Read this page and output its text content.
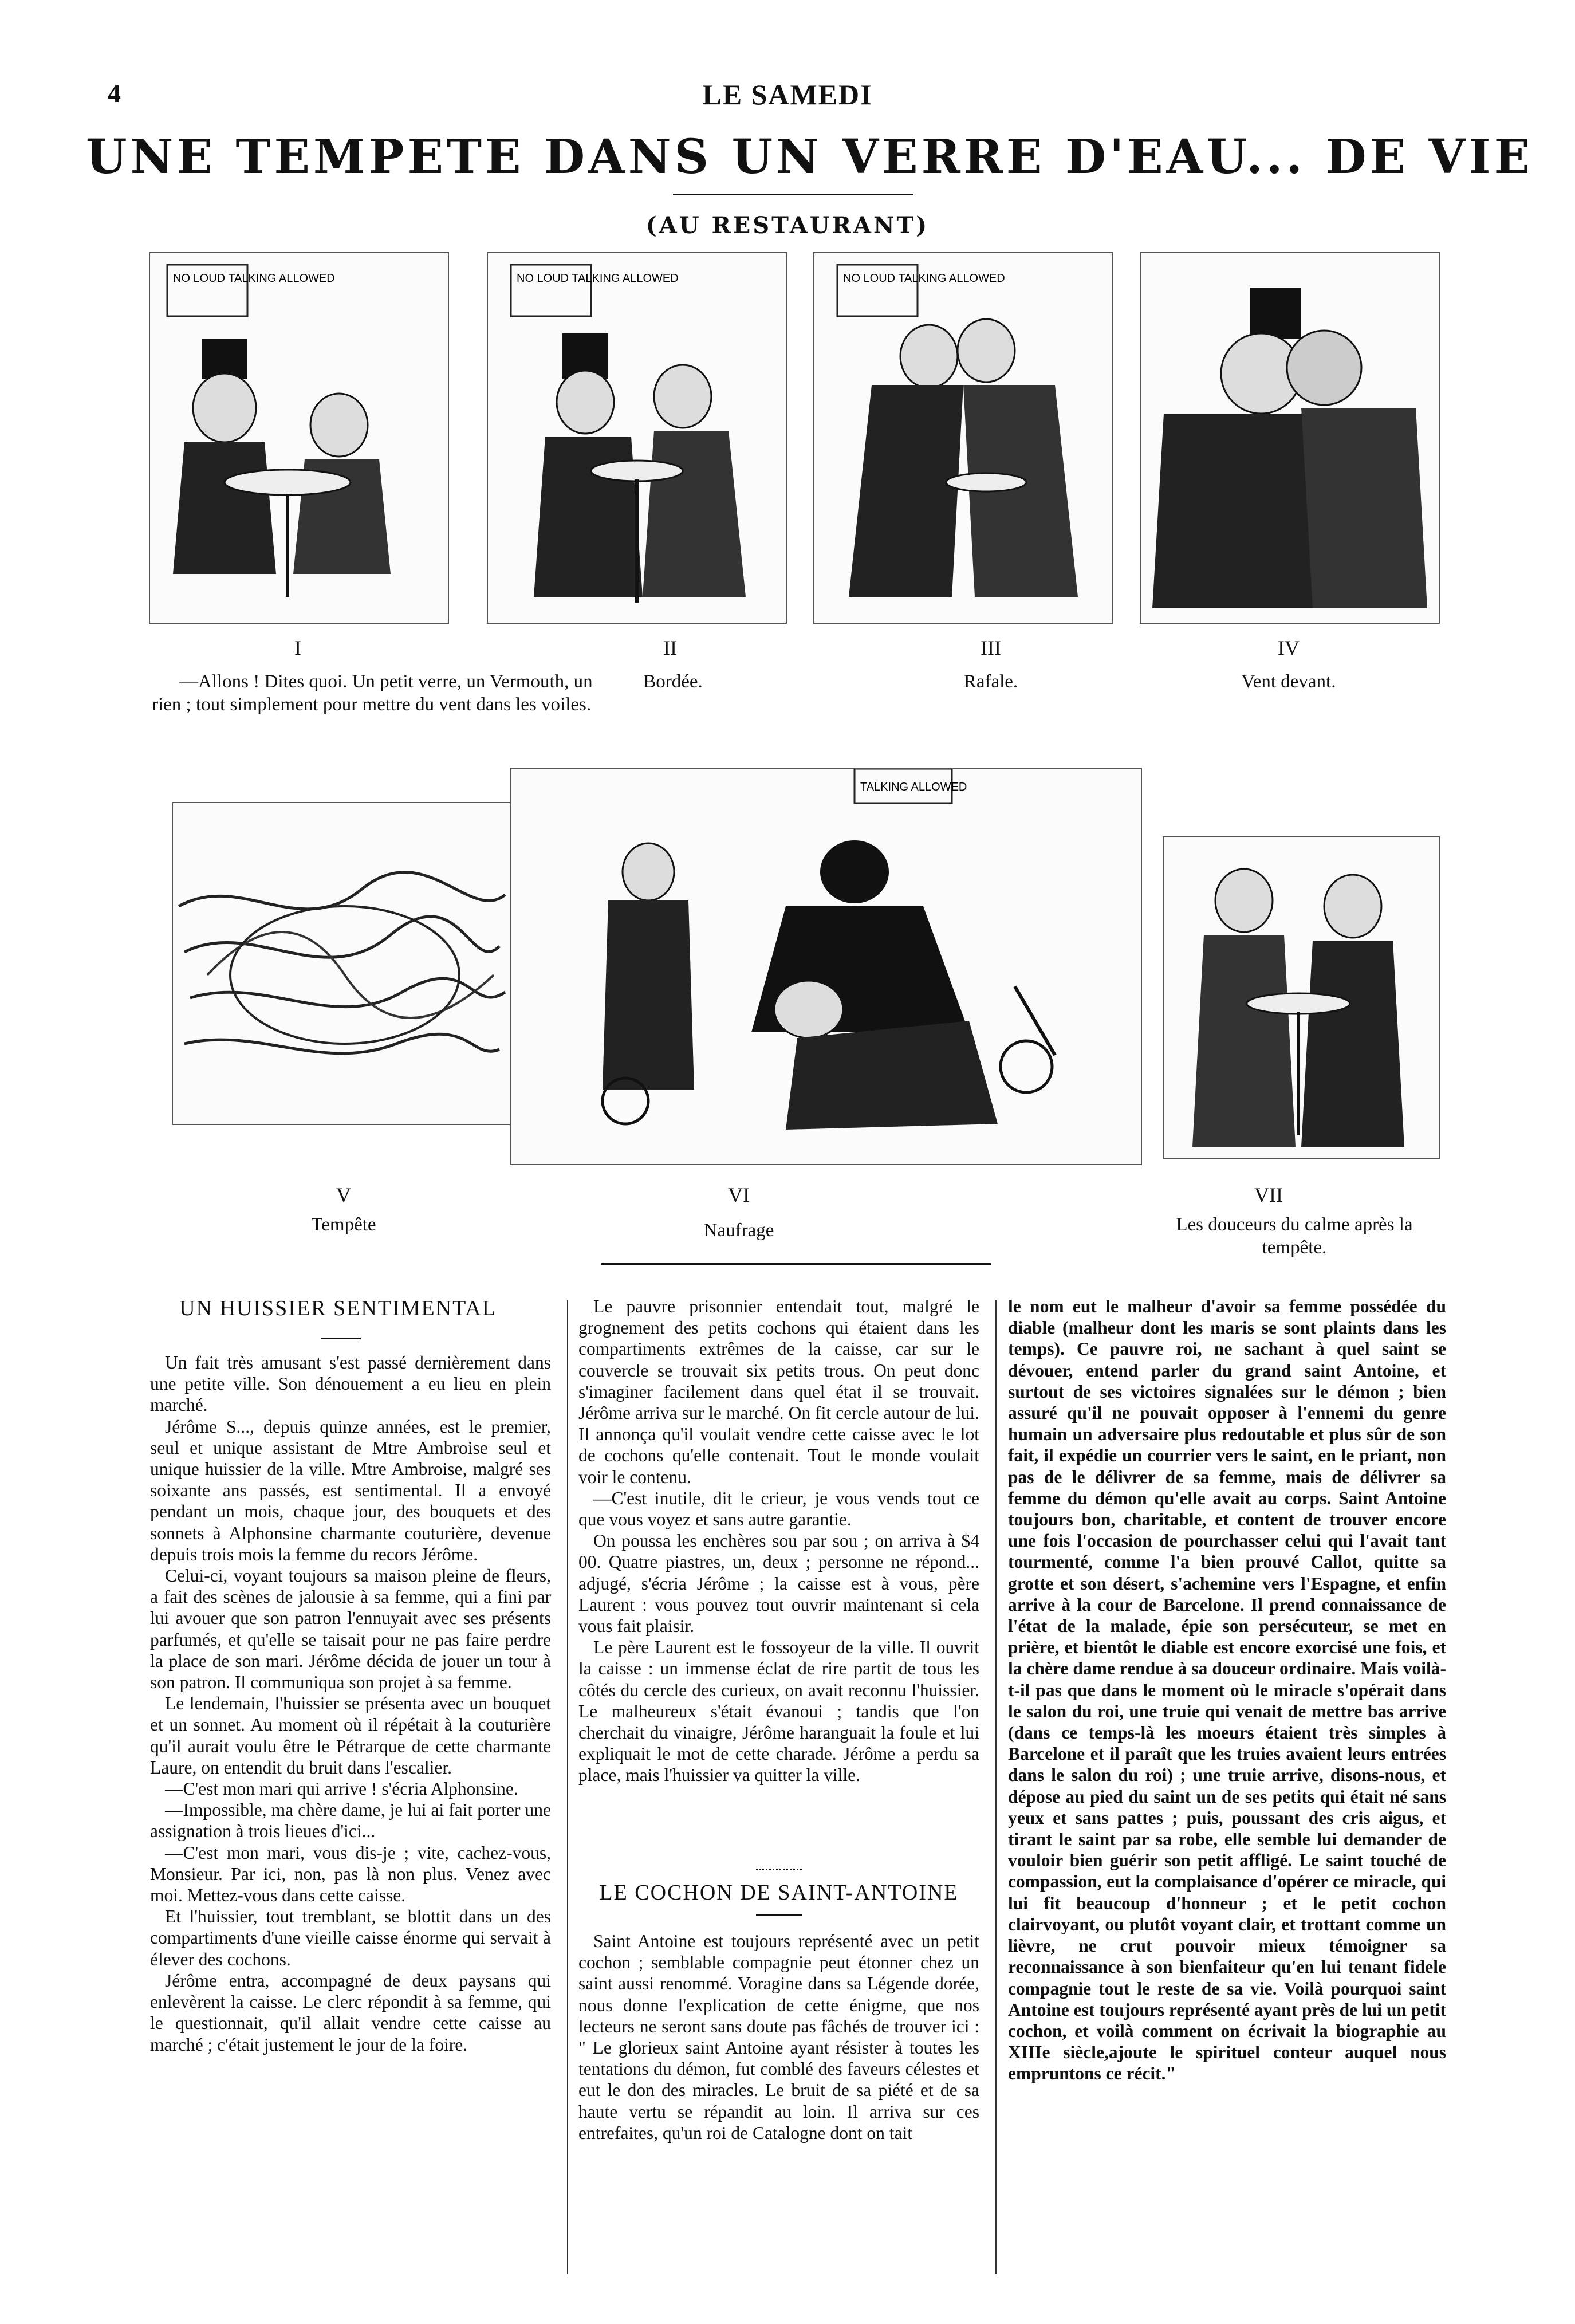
4	LE SAMEDI
UNE TEMPETE DANS UN VERRE D'EAU... DE VIE
(AU RESTAURANT)
NO LOUD TALKING ALLOWED	NO LOUD TALKING ALLOWED	NO LOUD TALKING ALLOWED
I	II	III	IV
—Allons ! Dites quoi. Un petit verre, un Vermouth, un rien ; tout simplement pour mettre du vent dans les voiles.
Bordée.	Rafale.	Vent devant.
TALKING ALLOWED
V	VI	VII
Tempête	Naufrage	Les douceurs du calme après la tempête.
UN HUISSIER SENTIMENTAL

Un fait très amusant s'est passé dernièrement dans une petite ville. Son dénouement a eu lieu en plein marché.

Jérôme S..., depuis quinze années, est le premier, seul et unique assistant de Mtre Ambroise seul et unique huissier de la ville. Mtre Ambroise, malgré ses soixante ans passés, est sentimental. Il a envoyé pendant un mois, chaque jour, des bouquets et des sonnets à Alphonsine charmante couturière, devenue depuis trois mois la femme du recors Jérôme.

Celui-ci, voyant toujours sa maison pleine de fleurs, a fait des scènes de jalousie à sa femme, qui a fini par lui avouer que son patron l'ennuyait avec ses présents parfumés, et qu'elle se taisait pour ne pas faire perdre la place de son mari. Jérôme décida de jouer un tour à son patron. Il communiqua son projet à sa femme.

Le lendemain, l'huissier se présenta avec un bouquet et un sonnet. Au moment où il répétait à la couturière qu'il aurait voulu être le Pétrarque de cette charmante Laure, on entendit du bruit dans l'escalier.

—C'est mon mari qui arrive ! s'écria Alphonsine.

—Impossible, ma chère dame, je lui ai fait porter une assignation à trois lieues d'ici...

—C'est mon mari, vous dis-je ; vite, cachez-vous, Monsieur. Par ici, non, pas là non plus. Venez avec moi. Mettez-vous dans cette caisse.

Et l'huissier, tout tremblant, se blottit dans un des compartiments d'une vieille caisse énorme qui servait à élever des cochons.

Jérôme entra, accompagné de deux paysans qui enlevèrent la caisse. Le clerc répondit à sa femme, qui le questionnait, qu'il allait vendre cette caisse au marché ; c'était justement le jour de la foire.

Le pauvre prisonnier entendait tout, malgré le grognement des petits cochons qui étaient dans les compartiments extrêmes de la caisse, car sur le couvercle se trouvait six petits trous. On peut donc s'imaginer facilement dans quel état il se trouvait. Jérôme arriva sur le marché. On fit cercle autour de lui. Il annonça qu'il voulait vendre cette caisse avec le lot de cochons qu'elle contenait. Tout le monde voulait voir le contenu.

—C'est inutile, dit le crieur, je vous vends tout ce que vous voyez et sans autre garantie.

On poussa les enchères sou par sou ; on arriva à $4 00. Quatre piastres, un, deux ; personne ne répond... adjugé, s'écria Jérôme ; la caisse est à vous, père Laurent : vous pouvez tout ouvrir maintenant si cela vous fait plaisir.

Le père Laurent est le fossoyeur de la ville. Il ouvrit la caisse : un immense éclat de rire partit de tous les côtés du cercle des curieux, on avait reconnu l'huissier. Le malheureux s'était évanoui ; tandis que l'on cherchait du vinaigre, Jérôme haranguait la foule et lui expliquait le mot de cette charade. Jérôme a perdu sa place, mais l'huissier va quitter la ville.

LE COCHON DE SAINT-ANTOINE

Saint Antoine est toujours représenté avec un petit cochon ; semblable compagnie peut étonner chez un saint aussi renommé. Voragine dans sa Légende dorée, nous donne l'explication de cette énigme, que nos lecteurs ne seront sans doute pas fâchés de trouver ici : " Le glorieux saint Antoine ayant résister à toutes les tentations du démon, fut comblé des faveurs célestes et eut le don des miracles. Le bruit de sa piété et de sa haute vertu se répandit au loin. Il arriva sur ces entrefaites, qu'un roi de Catalogne dont on tait

le nom eut le malheur d'avoir sa femme possédée du diable (malheur dont les maris se sont plaints dans les temps). Ce pauvre roi, ne sachant à quel saint se dévouer, entend parler du grand saint Antoine, et surtout de ses victoires signalées sur le démon ; bien assuré qu'il ne pouvait opposer à l'ennemi du genre humain un adversaire plus redoutable et plus sûr de son fait, il expédie un courrier vers le saint, en le priant, non pas de le délivrer de sa femme, mais de délivrer sa femme du démon qu'elle avait au corps. Saint Antoine toujours bon, charitable, et content de trouver encore une fois l'occasion de pourchasser celui qui l'avait tant tourmenté, comme l'a bien prouvé Callot, quitte sa grotte et son désert, s'achemine vers l'Espagne, et enfin arrive à la cour de Barcelone. Il prend connaissance de l'état de la malade, épie son persécuteur, se met en prière, et bientôt le diable est encore exorcisé une fois, et la chère dame rendue à sa douceur ordinaire. Mais voilà-t-il pas que dans le moment où le miracle s'opérait dans le salon du roi, une truie qui venait de mettre bas arrive (dans ce temps-là les moeurs étaient très simples à Barcelone et il paraît que les truies avaient leurs entrées dans le salon du roi) ; une truie arrive, disons-nous, et dépose au pied du saint un de ses petits qui était né sans yeux et sans pattes ; puis, poussant des cris aigus, et tirant le saint par sa robe, elle semble lui demander de vouloir bien guérir son petit affligé. Le saint touché de compassion, eut la complaisance d'opérer ce miracle, qui lui fit beaucoup d'honneur ; et le petit cochon clairvoyant, ou plutôt voyant clair, et trottant comme un lièvre, ne crut pouvoir mieux témoigner sa reconnaissance à son bienfaiteur qu'en lui tenant fidele compagnie tout le reste de sa vie. Voilà pourquoi saint Antoine est toujours représenté ayant près de lui un petit cochon, et voilà comment on écrivait la biographie au XIIIe siècle,ajoute le spirituel conteur auquel nous empruntons ce récit."
